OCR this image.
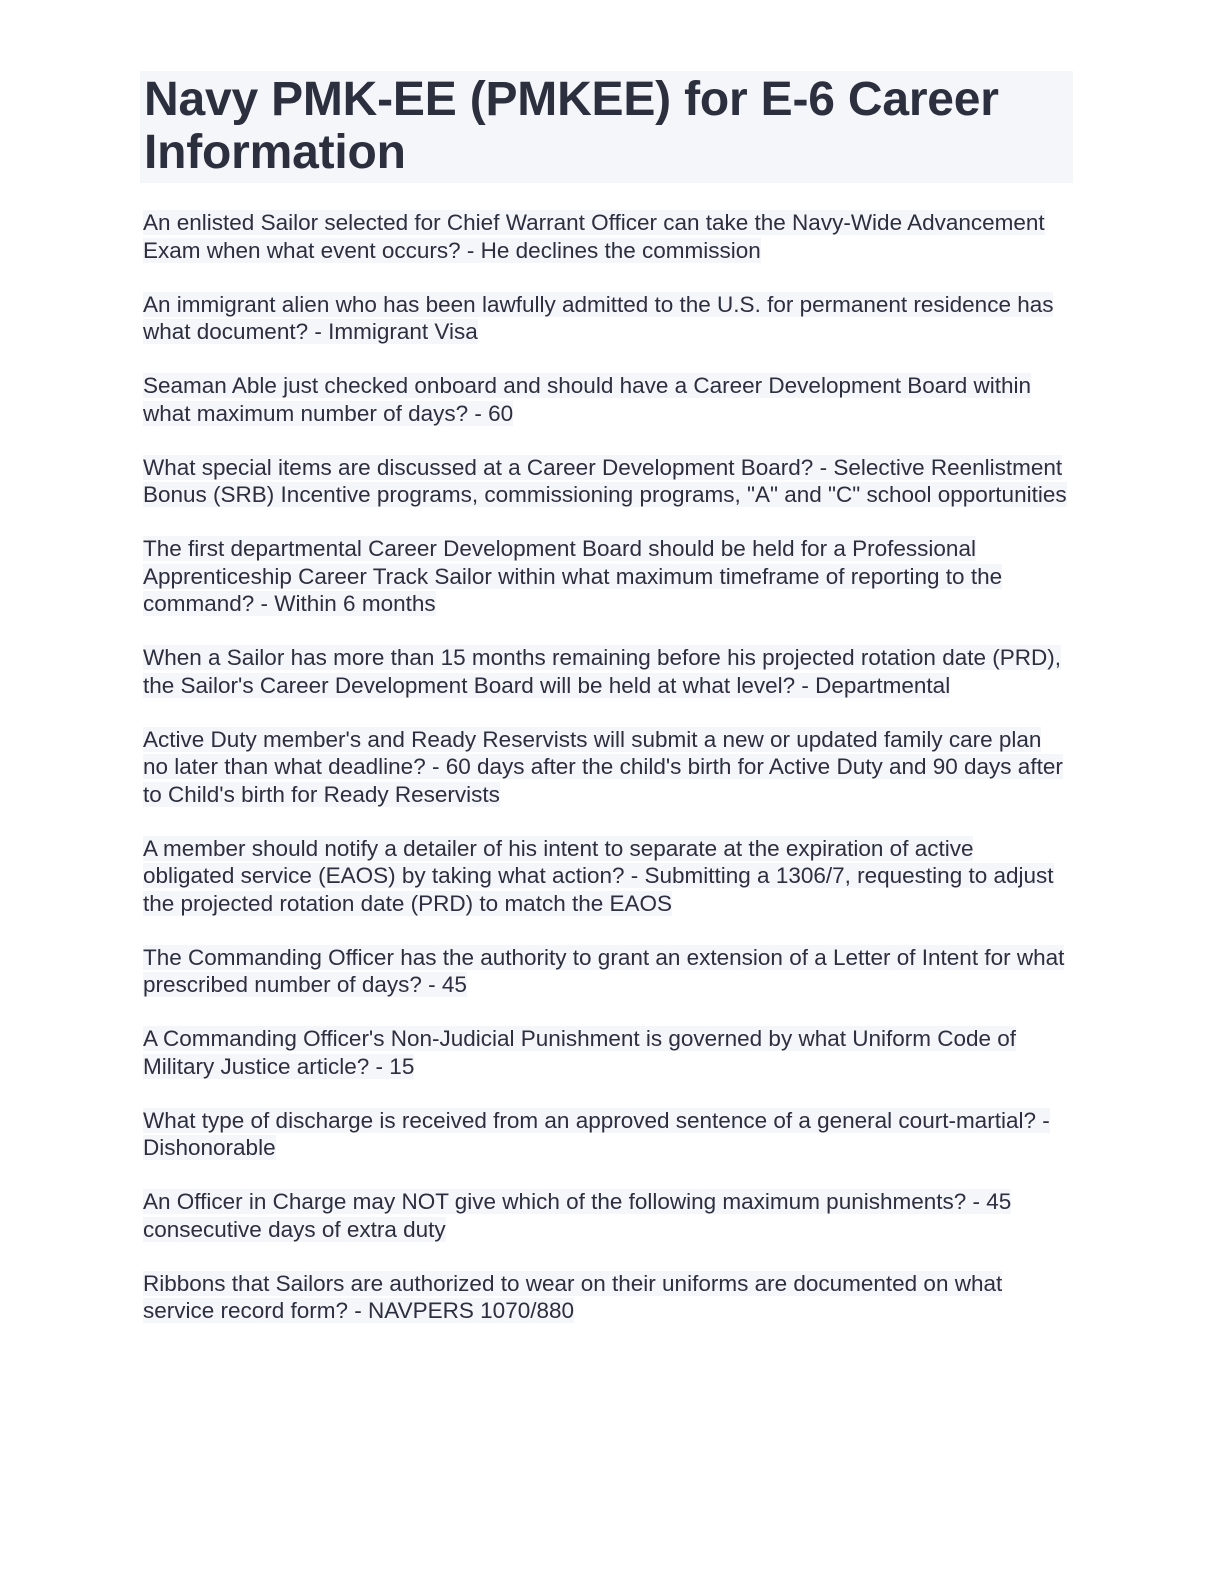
Navy PMK-EE (PMKEE) for E-6 Career Information
An enlisted Sailor selected for Chief Warrant Officer can take the Navy-Wide Advancement Exam when what event occurs? - He declines the commission
An immigrant alien who has been lawfully admitted to the U.S. for permanent residence has what document? - Immigrant Visa
Seaman Able just checked onboard and should have a Career Development Board within what maximum number of days? - 60
What special items are discussed at a Career Development Board? - Selective Reenlistment Bonus (SRB) Incentive programs, commissioning programs, "A" and "C" school opportunities
The first departmental Career Development Board should be held for a Professional Apprenticeship Career Track Sailor within what maximum timeframe of reporting to the command? - Within 6 months
When a Sailor has more than 15 months remaining before his projected rotation date (PRD), the Sailor's Career Development Board will be held at what level? - Departmental
Active Duty member's and Ready Reservists will submit a new or updated family care plan no later than what deadline? - 60 days after the child's birth for Active Duty and 90 days after to Child's birth for Ready Reservists
A member should notify a detailer of his intent to separate at the expiration of active obligated service (EAOS) by taking what action? - Submitting a 1306/7, requesting to adjust the projected rotation date (PRD) to match the EAOS
The Commanding Officer has the authority to grant an extension of a Letter of Intent for what prescribed number of days? - 45
A Commanding Officer's Non-Judicial Punishment is governed by what Uniform Code of Military Justice article? - 15
What type of discharge is received from an approved sentence of a general court-martial? - Dishonorable
An Officer in Charge may NOT give which of the following maximum punishments? - 45 consecutive days of extra duty
Ribbons that Sailors are authorized to wear on their uniforms are documented on what service record form? - NAVPERS 1070/880
